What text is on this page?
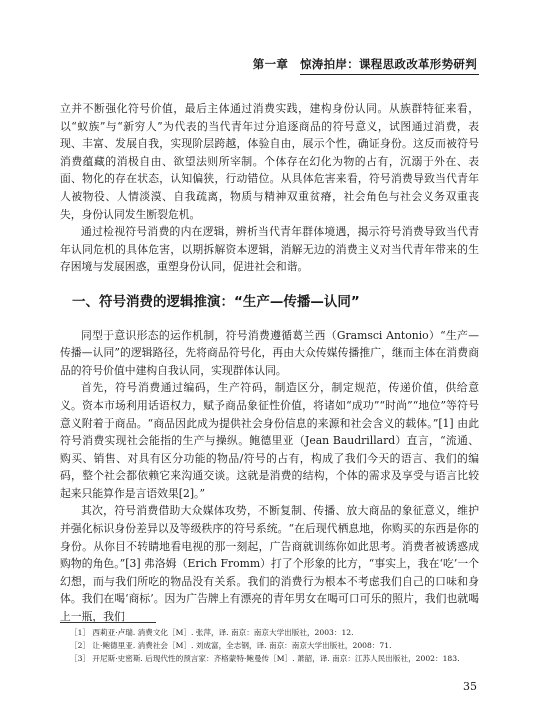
第一章　惊涛拍岸：课程思政改革形势研判

立并不断强化符号价值，最后主体通过消费实践，建构身份认同。从族群特征来看，以“蚁族”与“新穷人”为代表的当代青年过分追逐商品的符号意义，试图通过消费，表现、丰富、发展自我，实现阶层跨越，体验自由，展示个性，确证身份。这反而被符号消费蕴藏的消极自由、欲望法则所宰制。个体存在幻化为物的占有，沉溺于外在、表面、物化的存在状态，认知偏狭，行动错位。从具体危害来看，符号消费导致当代青年人被物役、人情淡漠、自我疏离，物质与精神双重贫瘠，社会角色与社会义务双重丧失，身份认同发生断裂危机。

通过检视符号消费的内在逻辑，辨析当代青年群体境遇，揭示符号消费导致当代青年认同危机的具体危害，以期拆解资本逻辑，消解无边的消费主义对当代青年带来的生存困境与发展困惑，重塑身份认同，促进社会和谐。

一、符号消费的逻辑推演：“生产—传播—认同”

同型于意识形态的运作机制，符号消费遵循葛兰西（Gramsci Antonio）“生产—传播—认同”的逻辑路径，先将商品符号化，再由大众传媒传播推广，继而主体在消费商品的符号价值中建构自我认同，实现群体认同。

首先，符号消费通过编码，生产符码，制造区分，制定规范，传递价值，供给意义。资本市场利用话语权力，赋予商品象征性价值，将诸如“成功”“时尚”“地位”等符号意义附着于商品。“商品因此成为提供社会身份信息的来源和社会含义的载体。”[1] 由此符号消费实现社会能指的生产与操纵。鲍德里亚（Jean Baudrillard）直言，“流通、购买、销售、对具有区分功能的物品/符号的占有，构成了我们今天的语言、我们的编码，整个社会都依赖它来沟通交谈。这就是消费的结构，个体的需求及享受与语言比较起来只能算作是言语效果[2]。”

其次，符号消费借助大众媒体攻势，不断复制、传播、放大商品的象征意义，维护并强化标识身份差异以及等级秩序的符号系统。“在后现代栖息地，你购买的东西是你的身份。从你目不转睛地看电视的那一刻起，广告商就训练你如此思考。消费者被诱惑成购物的角色。”[3] 弗洛姆（Erich Fromm）打了个形象的比方，“事实上，我在‘吃’一个幻想，而与我们所吃的物品没有关系。我们的消费行为根本不考虑我们自己的口味和身体。我们在喝‘商标’。因为广告牌上有漂亮的青年男女在喝可口可乐的照片，我们也就喝上一瓶，我们

［1］ 西莉亚·卢瑞. 消费文化［M］. 张萍，译. 南京：南京大学出版社，2003：12.

［2］ 让·鲍德里亚. 消费社会［M］. 刘成富，全志钢，译. 南京：南京大学出版社，2008：71.

［3］ 开尼斯·史密斯. 后现代性的预言家：齐格蒙特·鲍曼传［M］. 萧韶，译. 南京：江苏人民出版社，2002：183.

35
